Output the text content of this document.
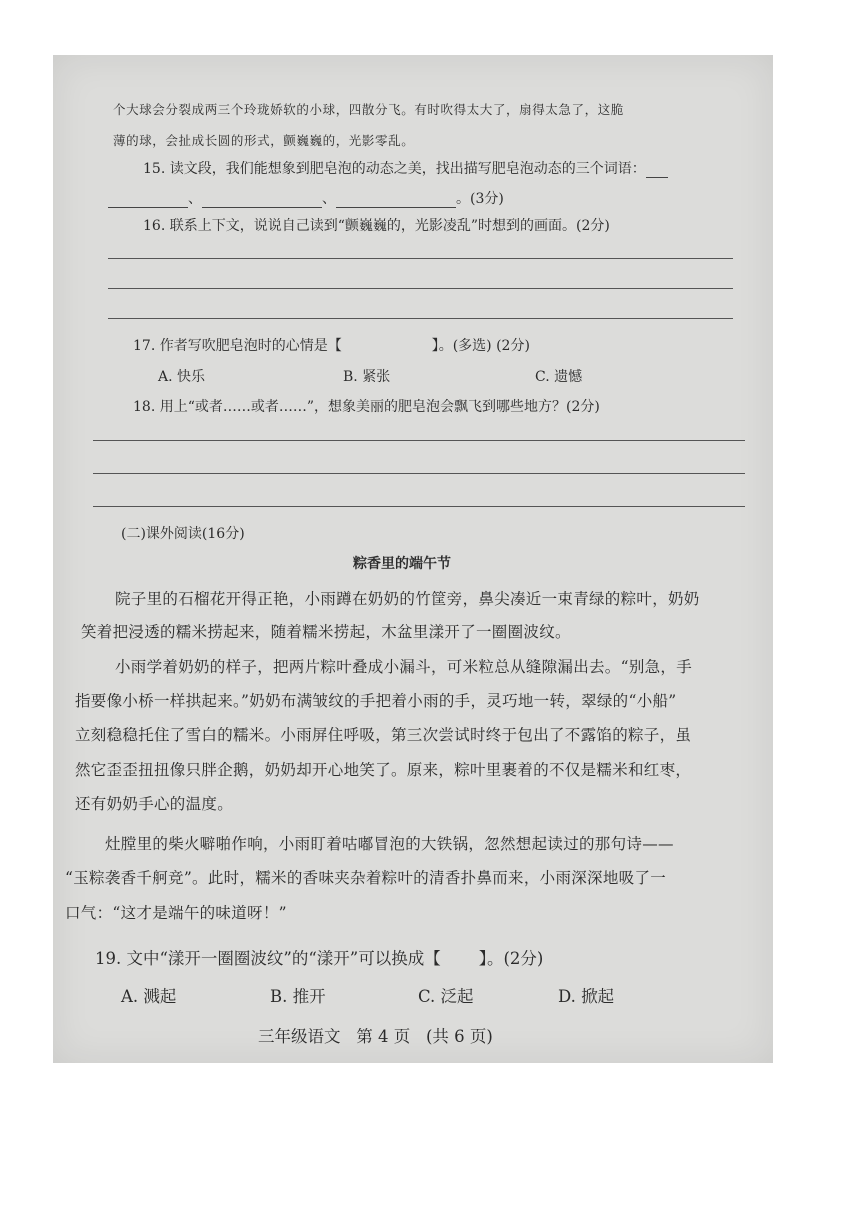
个大球会分裂成两三个玲珑娇软的小球，四散分飞。有时吹得太大了，扇得太急了，这脆
薄的球，会扯成长圆的形式，颤巍巍的，光影零乱。
15. 读文段，我们能想象到肥皂泡的动态之美，找出描写肥皂泡动态的三个词语：
、	、	。(3分)
16. 联系上下文，说说自己读到“颤巍巍的，光影凌乱”时想到的画面。(2分)
17. 作者写吹肥皂泡时的心情是【	】。(多选) (2分)
A. 快乐	B. 紧张	C. 遗憾
18. 用上“或者……或者……”，想象美丽的肥皂泡会飘飞到哪些地方？(2分)
(二)课外阅读(16分)
粽香里的端午节
院子里的石榴花开得正艳，小雨蹲在奶奶的竹筐旁，鼻尖凑近一束青绿的粽叶，奶奶
笑着把浸透的糯米捞起来，随着糯米捞起，木盆里漾开了一圈圈波纹。
小雨学着奶奶的样子，把两片粽叶叠成小漏斗，可米粒总从缝隙漏出去。“别急，手
指要像小桥一样拱起来。”奶奶布满皱纹的手把着小雨的手，灵巧地一转，翠绿的“小船”
立刻稳稳托住了雪白的糯米。小雨屏住呼吸，第三次尝试时终于包出了不露馅的粽子，虽
然它歪歪扭扭像只胖企鹅，奶奶却开心地笑了。原来，粽叶里裹着的不仅是糯米和红枣，
还有奶奶手心的温度。
灶膛里的柴火噼啪作响，小雨盯着咕嘟冒泡的大铁锅，忽然想起读过的那句诗——
“玉粽袭香千舸竞”。此时，糯米的香味夹杂着粽叶的清香扑鼻而来，小雨深深地吸了一
口气：“这才是端午的味道呀！”
19. 文中“漾开一圈圈波纹”的“漾开”可以换成【 】。(2分)
A. 溅起	B. 推开	C. 泛起	D. 掀起
三年级语文   第 4 页   (共 6 页)
